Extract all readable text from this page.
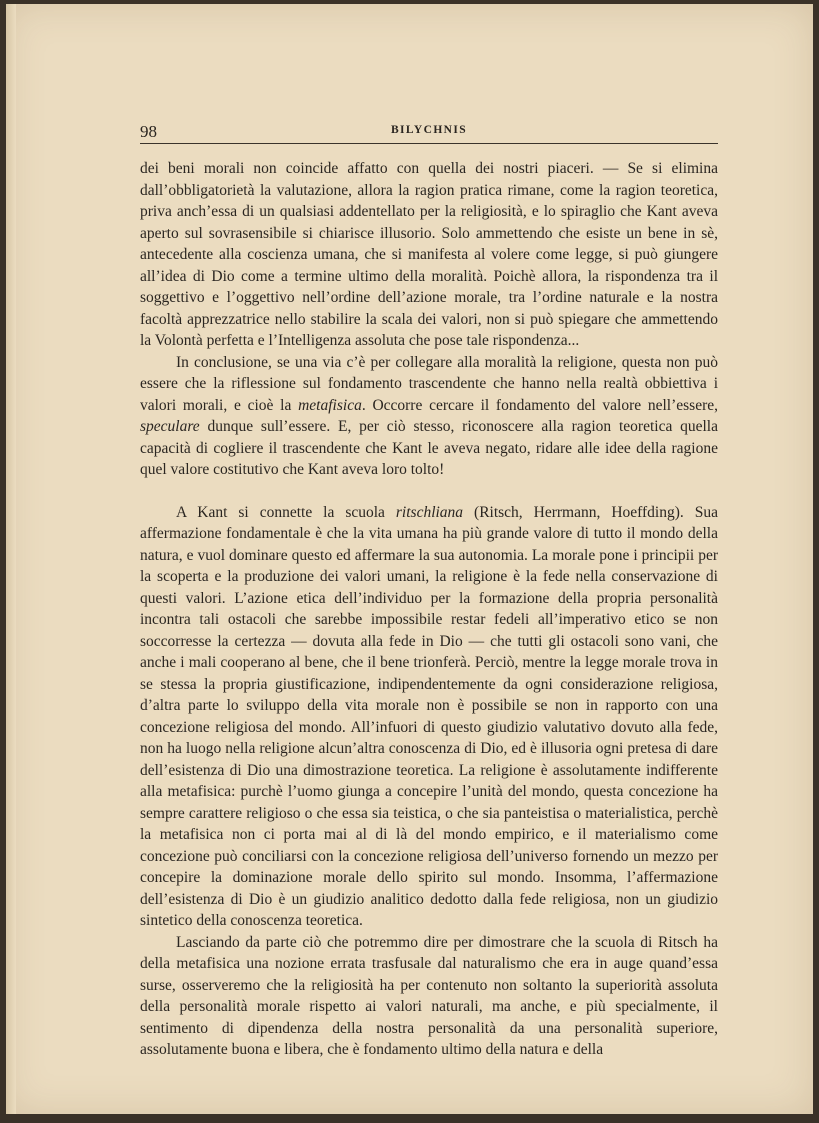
98	BILYCHNIS

dei beni morali non coincide affatto con quella dei nostri piaceri. — Se si elimina dall’obbligatorietà la valutazione, allora la ragion pratica rimane, come la ragion teoretica, priva anch’essa di un qualsiasi addentellato per la religiosità, e lo spiraglio che Kant aveva aperto sul sovrasensibile si chiarisce illusorio. Solo ammettendo che esiste un bene in sè, antecedente alla coscienza umana, che si manifesta al volere come legge, si può giungere all’idea di Dio come a termine ultimo della moralità. Poichè allora, la rispondenza tra il soggettivo e l’oggettivo nell’ordine dell’azione morale, tra l’ordine naturale e la nostra facoltà apprezzatrice nello stabilire la scala dei valori, non si può spiegare che ammettendo la Volontà perfetta e l’Intelligenza assoluta che pose tale rispondenza...

In conclusione, se una via c’è per collegare alla moralità la religione, questa non può essere che la riflessione sul fondamento trascendente che hanno nella realtà obbiettiva i valori morali, e cioè la metafisica. Occorre cercare il fondamento del valore nell’essere, speculare dunque sull’essere. E, per ciò stesso, riconoscere alla ragion teoretica quella capacità di cogliere il trascendente che Kant le aveva negato, ridare alle idee della ragione quel valore costitutivo che Kant aveva loro tolto!

A Kant si connette la scuola ritschliana (Ritsch, Herrmann, Hoeffding). Sua affermazione fondamentale è che la vita umana ha più grande valore di tutto il mondo della natura, e vuol dominare questo ed affermare la sua autonomia. La morale pone i principii per la scoperta e la produzione dei valori umani, la religione è la fede nella conservazione di questi valori. L’azione etica dell’individuo per la formazione della propria personalità incontra tali ostacoli che sarebbe impossibile restar fedeli all’imperativo etico se non soccorresse la certezza — dovuta alla fede in Dio — che tutti gli ostacoli sono vani, che anche i mali cooperano al bene, che il bene trionferà. Perciò, mentre la legge morale trova in se stessa la propria giustificazione, indipendentemente da ogni considerazione religiosa, d’altra parte lo sviluppo della vita morale non è possibile se non in rapporto con una concezione religiosa del mondo. All’infuori di questo giudizio valutativo dovuto alla fede, non ha luogo nella religione alcun’altra conoscenza di Dio, ed è illusoria ogni pretesa di dare dell’esistenza di Dio una dimostrazione teoretica. La religione è assolutamente indifferente alla metafisica: purchè l’uomo giunga a concepire l’unità del mondo, questa concezione ha sempre carattere religioso o che essa sia teistica, o che sia panteistisa o materialistica, perchè la metafisica non ci porta mai al di là del mondo empirico, e il materialismo come concezione può conciliarsi con la concezione religiosa dell’universo fornendo un mezzo per concepire la dominazione morale dello spirito sul mondo. Insomma, l’affermazione dell’esistenza di Dio è un giudizio analitico dedotto dalla fede religiosa, non un giudizio sintetico della conoscenza teoretica.

Lasciando da parte ciò che potremmo dire per dimostrare che la scuola di Ritsch ha della metafisica una nozione errata trasfusale dal naturalismo che era in auge quand’essa surse, osserveremo che la religiosità ha per contenuto non soltanto la superiorità assoluta della personalità morale rispetto ai valori naturali, ma anche, e più specialmente, il sentimento di dipendenza della nostra personalità da una personalità superiore, assolutamente buona e libera, che è fondamento ultimo della natura e della
